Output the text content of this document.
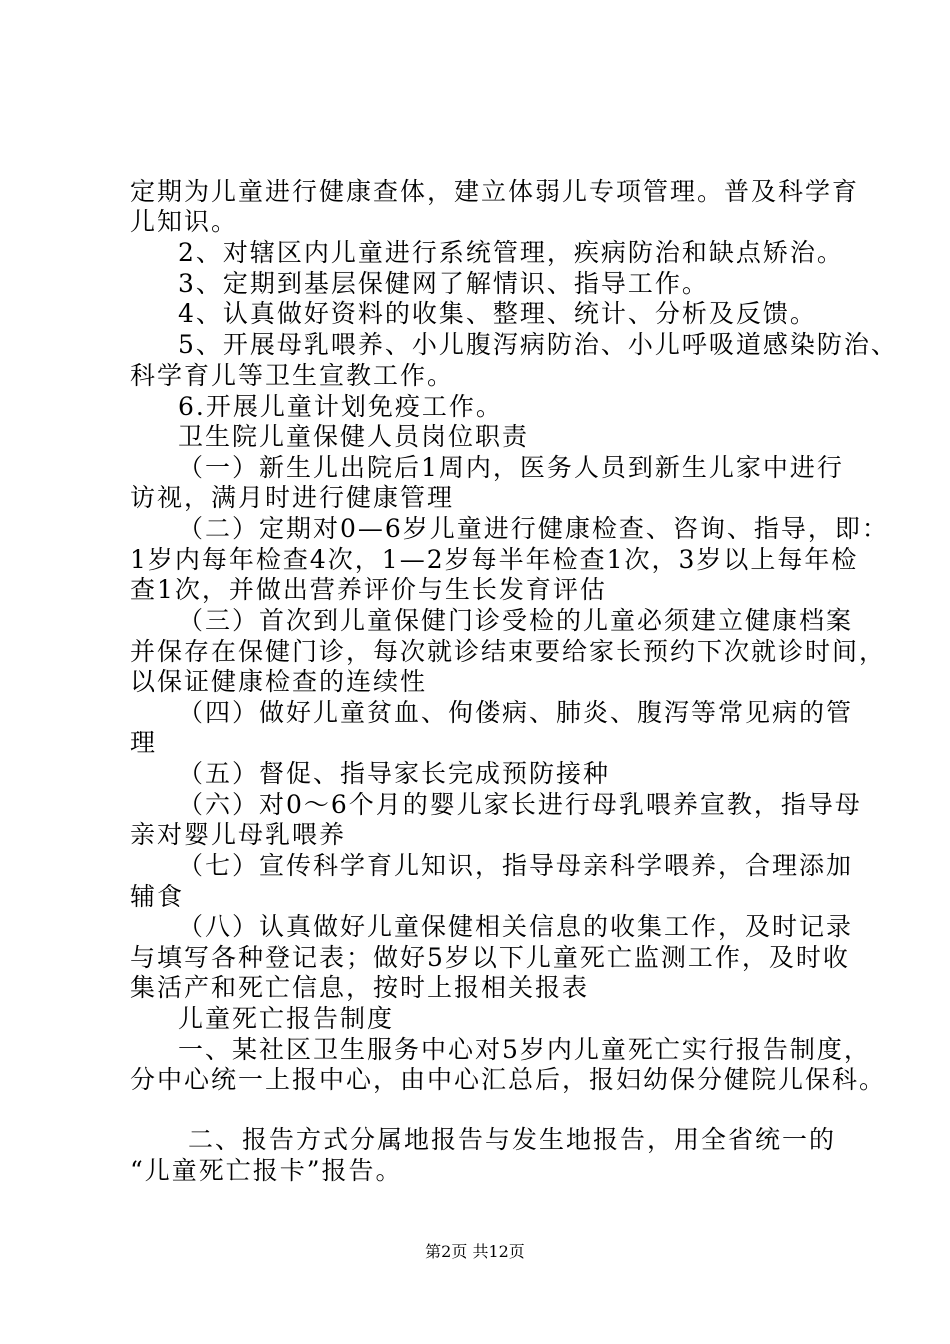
定期为儿童进行健康查体，建立体弱儿专项管理。普及科学育
儿知识。
2、对辖区内儿童进行系统管理，疾病防治和缺点矫治。
3、定期到基层保健网了解情识、指导工作。
4、认真做好资料的收集、整理、统计、分析及反馈。
5、开展母乳喂养、小儿腹泻病防治、小儿呼吸道感染防治、
科学育儿等卫生宣教工作。
6.开展儿童计划免疫工作。
卫生院儿童保健人员岗位职责
（一）新生儿出院后1周内，医务人员到新生儿家中进行
访视，满月时进行健康管理
（二）定期对0—6岁儿童进行健康检查、咨询、指导，即：
1岁内每年检查4次，1—2岁每半年检查1次，3岁以上每年检
查1次，并做出营养评价与生长发育评估
（三）首次到儿童保健门诊受检的儿童必须建立健康档案
并保存在保健门诊，每次就诊结束要给家长预约下次就诊时间，
以保证健康检查的连续性
（四）做好儿童贫血、佝偻病、肺炎、腹泻等常见病的管
理
（五）督促、指导家长完成预防接种
（六）对0～6个月的婴儿家长进行母乳喂养宣教，指导母
亲对婴儿母乳喂养
（七）宣传科学育儿知识，指导母亲科学喂养，合理添加
辅食
（八）认真做好儿童保健相关信息的收集工作，及时记录
与填写各种登记表；做好5岁以下儿童死亡监测工作，及时收
集活产和死亡信息，按时上报相关报表
儿童死亡报告制度
一、某社区卫生服务中心对5岁内儿童死亡实行报告制度，
分中心统一上报中心，由中心汇总后，报妇幼保分健院儿保科。
二、报告方式分属地报告与发生地报告，用全省统一的
“儿童死亡报卡”报告。
第2页 共12页
